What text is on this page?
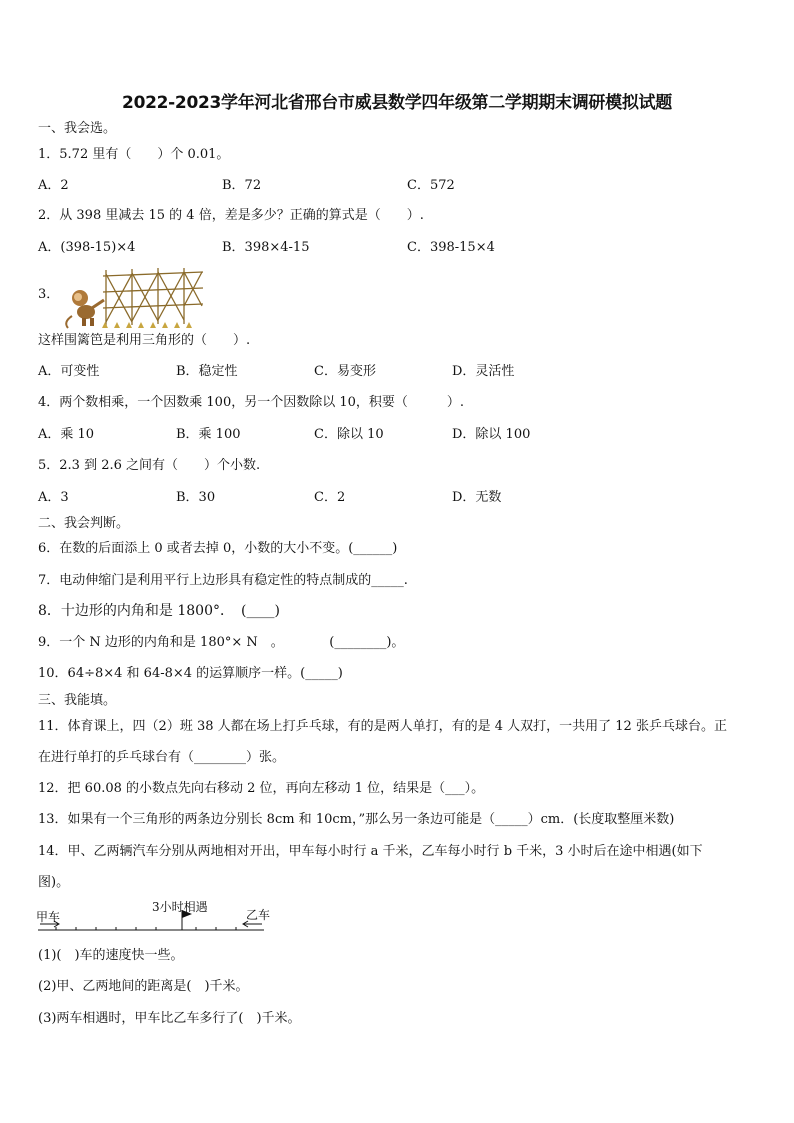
2022-2023学年河北省邢台市威县数学四年级第二学期期末调研模拟试题
一、我会选。
1．5.72 里有（　　）个 0.01。
A．2	B．72	C．572
2．从 398 里减去 15 的 4 倍，差是多少？正确的算式是（　　）.
A．(398-15)×4	B．398×4-15	C．398-15×4
3．
这样围篱笆是利用三角形的（　　）.
A．可变性	B．稳定性	C．易变形	D．灵活性
4．两个数相乘，一个因数乘 100，另一个因数除以 10，积要（　　　）.
A．乘 10	B．乘 100	C．除以 10	D．除以 100
5．2.3 到 2.6 之间有（　　）个小数.
A．3	B．30	C．2	D．无数
二、我会判断。
6．在数的后面添上 0 或者去掉 0，小数的大小不变。(______)
7．电动伸缩门是利用平行上边形具有稳定性的特点制成的_____.
8．十边形的内角和是 1800°．　(____)
9．一个 N 边形的内角和是 180°× N　。　　　　(________)。
10．64÷8×4 和 64-8×4 的运算顺序一样。(_____)
三、我能填。
11．体育课上，四（2）班 38 人都在场上打乒乓球，有的是两人单打，有的是 4 人双打，一共用了 12 张乒乓球台。正
在进行单打的乒乓球台有（________）张。
12．把 60.08 的小数点先向右移动 2 位，再向左移动 1 位，结果是（___）。
13．如果有一个三角形的两条边分别长 8cm 和 10cm，”那么另一条边可能是（_____）cm．(长度取整厘米数)
14．甲、乙两辆汽车分别从两地相对开出，甲车每小时行 a 千米，乙车每小时行 b 千米，3 小时后在途中相遇(如下
图)。
甲车
3小时相遇
乙车
(1)(　)车的速度快一些。
(2)甲、乙两地间的距离是(　)千米。
(3)两车相遇时，甲车比乙车多行了(　)千米。
